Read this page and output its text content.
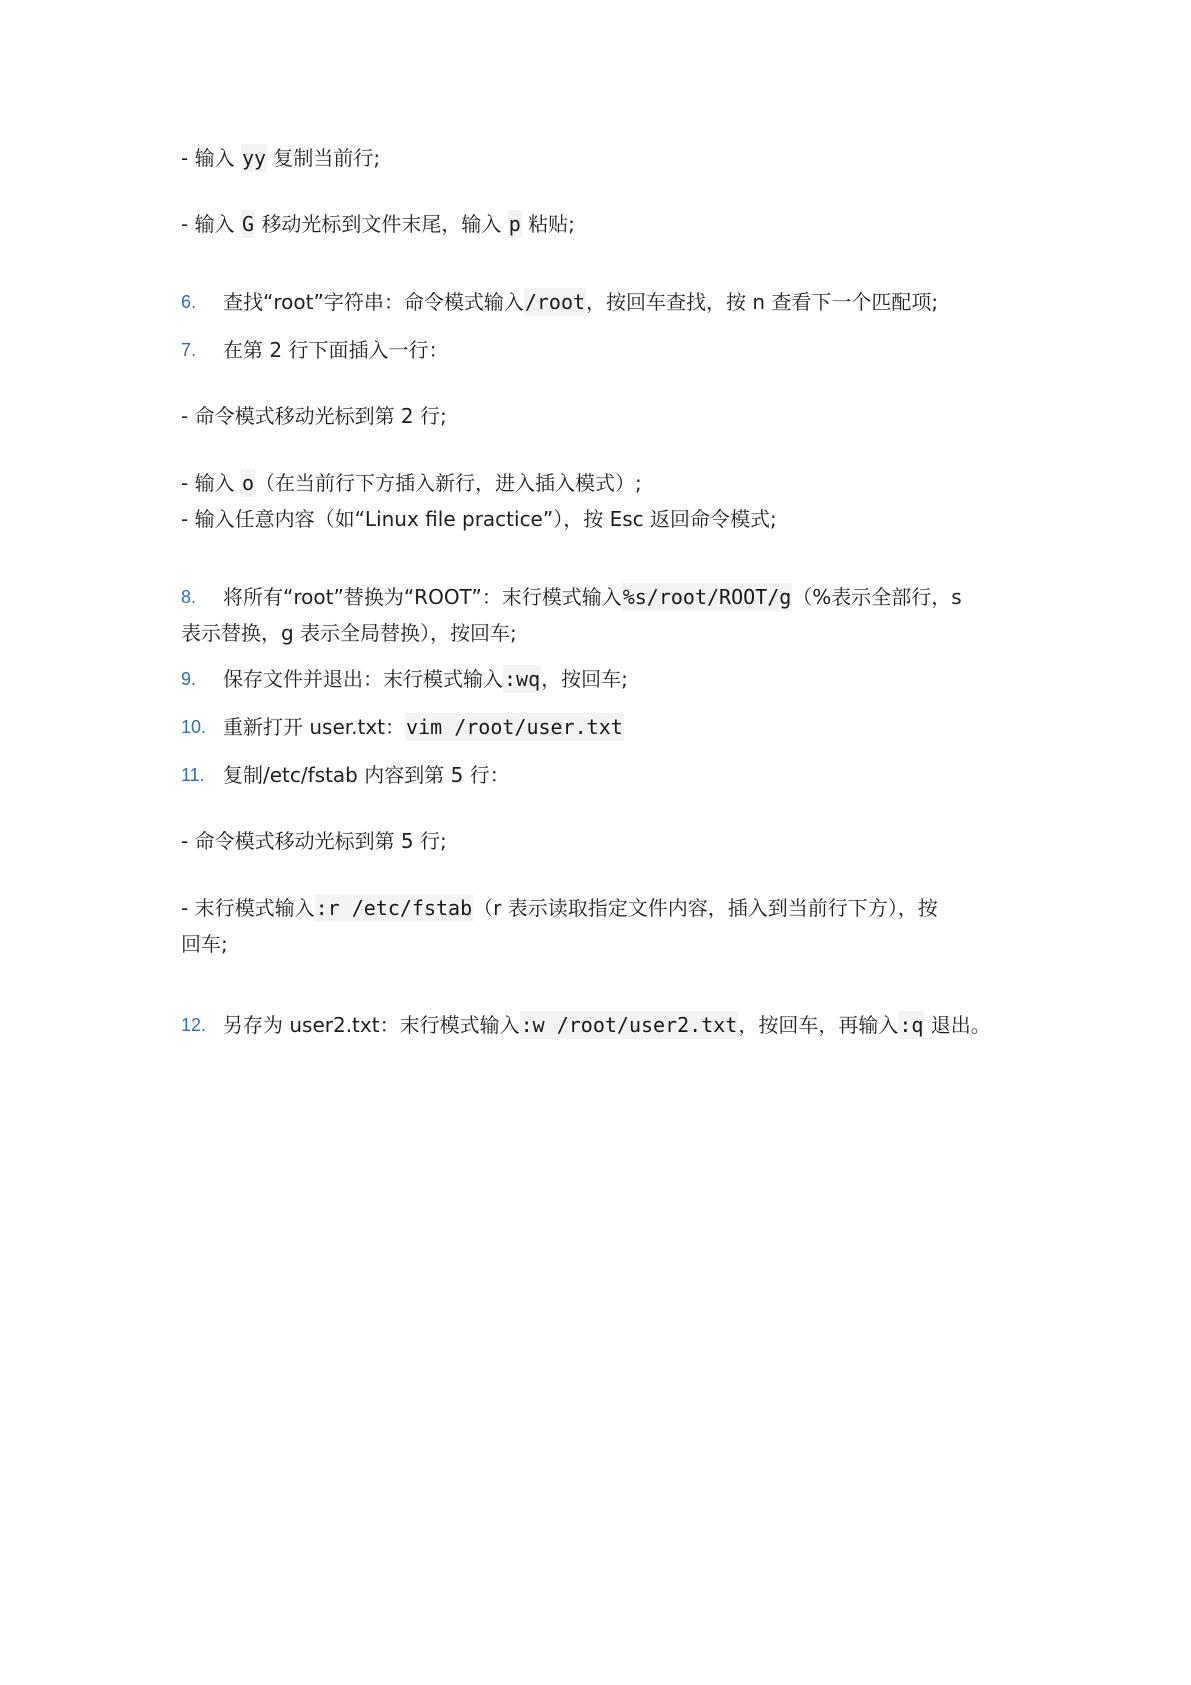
- 输入 yy 复制当前行;
- 输入 G 移动光标到文件末尾，输入 p 粘贴;
6. 查找“root”字符串：命令模式输入/root，按回车查找，按 n 查看下一个匹配项;
7. 在第 2 行下面插入一行：
- 命令模式移动光标到第 2 行;
- 输入 o（在当前行下方插入新行，进入插入模式）;
- 输入任意内容（如“Linux file practice”），按 Esc 返回命令模式;
8. 将所有“root”替换为“ROOT”：末行模式输入%s/root/ROOT/g（%表示全部行，s
表示替换，g 表示全局替换），按回车;
9. 保存文件并退出：末行模式输入:wq，按回车;
10. 重新打开 user.txt：vim /root/user.txt
11. 复制/etc/fstab 内容到第 5 行：
- 命令模式移动光标到第 5 行;
- 末行模式输入:r /etc/fstab（r 表示读取指定文件内容，插入到当前行下方），按
回车;
12. 另存为 user2.txt：末行模式输入:w /root/user2.txt，按回车，再输入:q 退出。
